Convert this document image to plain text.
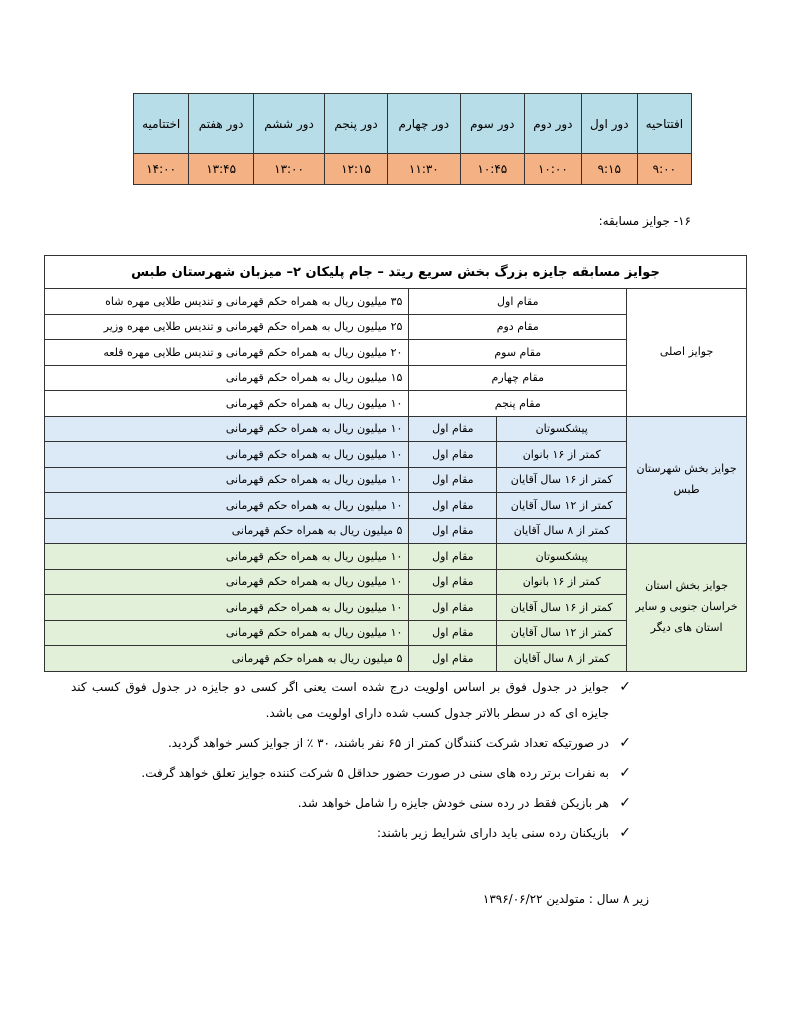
افتتاحیه	دور اول	دور دوم	دور سوم	دور چهارم	دور پنجم	دور ششم	دور هفتم	اختتامیه
۹:۰۰	۹:۱۵	۱۰:۰۰	۱۰:۴۵	۱۱:۳۰	۱۲:۱۵	۱۳:۰۰	۱۳:۴۵	۱۴:۰۰
۱۶- جوایز مسابقه:
جوایز مسابقه جایزه بزرگ بخش سریع ریتد – جام پلیکان ۲– میزبان شهرستان طبس			
جوایز اصلی	مقام اول		۳۵ میلیون ریال به همراه حکم قهرمانی و تندیس طلایی مهره شاه
	مقام دوم		۲۵ میلیون ریال به همراه حکم قهرمانی و تندیس طلایی مهره وزیر
	مقام سوم		۲۰ میلیون ریال به همراه حکم قهرمانی و تندیس طلایی مهره قلعه
	مقام چهارم		۱۵ میلیون ریال به همراه حکم قهرمانی
	مقام پنجم		۱۰ میلیون ریال به همراه حکم قهرمانی
جوایز بخش شهرستان طبس	پیشکسوتان	مقام اول	۱۰ میلیون ریال به همراه حکم قهرمانی
	کمتر از ۱۶ بانوان	مقام اول	۱۰ میلیون ریال به همراه حکم قهرمانی
	کمتر از ۱۶ سال آقایان	مقام اول	۱۰ میلیون ریال به همراه حکم قهرمانی
	کمتر از ۱۲ سال آقایان	مقام اول	۱۰ میلیون ریال به همراه حکم قهرمانی
	کمتر از ۸ سال آقایان	مقام اول	۵ میلیون ریال به همراه حکم قهرمانی
جوایز بخش استان خراسان جنوبی و سایر استان های دیگر	پیشکسوتان	مقام اول	۱۰ میلیون ریال به همراه حکم قهرمانی
	کمتر از ۱۶ بانوان	مقام اول	۱۰ میلیون ریال به همراه حکم قهرمانی
	کمتر از ۱۶ سال آقایان	مقام اول	۱۰ میلیون ریال به همراه حکم قهرمانی
	کمتر از ۱۲ سال آقایان	مقام اول	۱۰ میلیون ریال به همراه حکم قهرمانی
	کمتر از ۸ سال آقایان	مقام اول	۵ میلیون ریال به همراه حکم قهرمانی
✓
جوایز در جدول فوق بر اساس اولویت درج شده است یعنی اگر کسی دو جایزه در جدول فوق کسب کند جایزه ای که در سطر بالاتر جدول کسب شده دارای اولویت می باشد.
✓
در صورتیکه تعداد شرکت کنندگان کمتر از ۶۵ نفر باشند، ۳۰ ٪ از جوایز کسر خواهد گردید.
✓
به نفرات برتر رده های سنی در صورت حضور حداقل ۵ شرکت کننده جوایز تعلق خواهد گرفت.
✓
هر بازیکن فقط در رده سنی خودش جایزه را شامل خواهد شد.
✓
بازیکنان رده سنی باید دارای شرایط زیر باشند:
زیر ۸ سال : متولدین ۱۳۹۶/۰۶/۲۲
